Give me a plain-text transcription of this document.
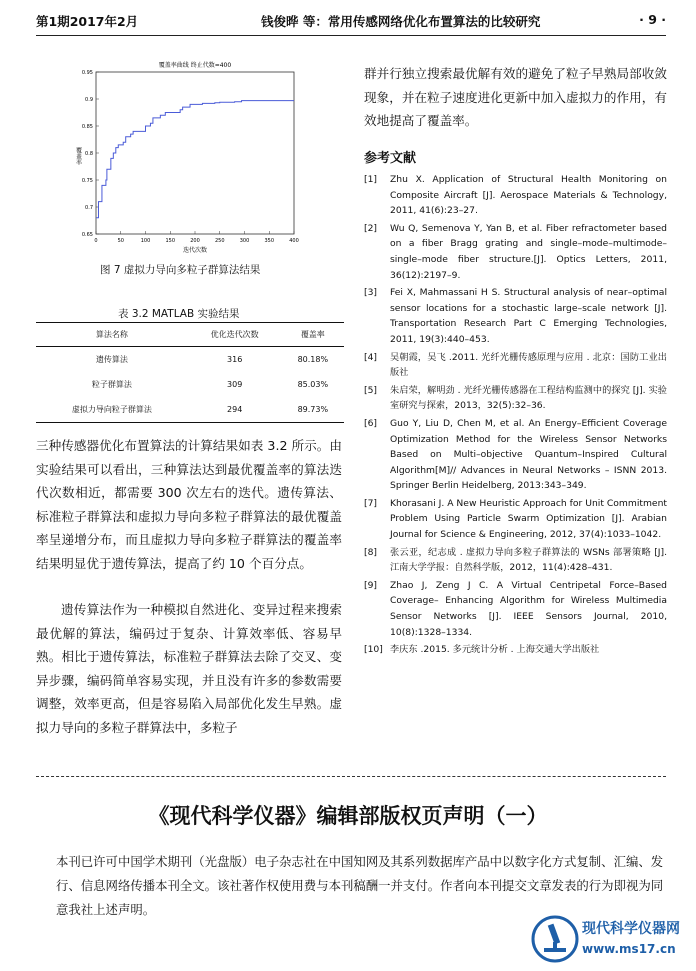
第1期2017年2月	钱俊晔 等：常用传感网络优化布置算法的比较研究	· 9 ·
覆盖率曲线 终止代数=400
0.95
0.9
0.85
0.8
0.75
0.7
0.65
0	50	100	150	200	250	300	350	400
覆盖率
迭代次数
图 7 虚拟力导向多粒子群算法结果
表 3.2 MATLAB 实验结果
算法名称	优化迭代次数	覆盖率
遗传算法	316	80.18%
粒子群算法	309	85.03%
虚拟力导向粒子群算法	294	89.73%
三种传感器优化布置算法的计算结果如表 3.2 所示。由实验结果可以看出，三种算法达到最优覆盖率的算法迭代次数相近，都需要 300 次左右的迭代。遗传算法、标准粒子群算法和虚拟力导向多粒子群算法的最优覆盖率呈递增分布，而且虚拟力导向多粒子群算法的覆盖率结果明显优于遗传算法，提高了约 10 个百分点。
遗传算法作为一种模拟自然进化、变异过程来搜索最优解的算法，编码过于复杂、计算效率低、容易早熟。相比于遗传算法，标准粒子群算法去除了交叉、变异步骤，编码简单容易实现，并且没有许多的参数需要调整，效率更高，但是容易陷入局部优化发生早熟。虚拟力导向的多粒子群算法中，多粒子
群并行独立搜索最优解有效的避免了粒子早熟局部收敛现象，并在粒子速度进化更新中加入虚拟力的作用，有效地提高了覆盖率。
参考文献
[1]	Zhu X. Application of Structural Health Monitoring on Composite Aircraft [J]. Aerospace Materials & Technology, 2011, 41(6):23–27.
[2]	Wu Q, Semenova Y, Yan B, et al. Fiber refractometer based on a fiber Bragg grating and single–mode–multimode–single–mode fiber structure.[J]. Optics Letters, 2011, 36(12):2197–9.
[3]	Fei X, Mahmassani H S. Structural analysis of near–optimal sensor locations for a stochastic large–scale network [J]. Transportation Research Part C Emerging Technologies, 2011, 19(3):440–453.
[4]	吴朝霞，吴飞 .2011. 光纤光栅传感原理与应用 . 北京：国防工业出版社
[5]	朱启荣，解明劲 . 光纤光栅传感器在工程结构监测中的探究 [J]. 实验室研究与探索，2013，32(5):32–36.
[6]	Guo Y, Liu D, Chen M, et al. An Energy–Efficient Coverage Optimization Method for the Wireless Sensor Networks Based on Multi–objective Quantum–Inspired Cultural Algorithm[M]// Advances in Neural Networks – ISNN 2013. Springer Berlin Heidelberg, 2013:343–349.
[7]	Khorasani J. A New Heuristic Approach for Unit Commitment Problem Using Particle Swarm Optimization [J]. Arabian Journal for Science & Engineering, 2012, 37(4):1033–1042.
[8]	张云亚，纪志成 . 虚拟力导向多粒子群算法的 WSNs 部署策略 [J]. 江南大学学报：自然科学版，2012，11(4):428–431.
[9]	Zhao J, Zeng J C. A Virtual Centripetal Force–Based Coverage– Enhancing Algorithm for Wireless Multimedia Sensor Networks [J]. IEEE Sensors Journal, 2010, 10(8):1328–1334.
[10] 李庆东 .2015. 多元统计分析 . 上海交通大学出版社
《现代科学仪器》编辑部版权页声明（一）
本刊已许可中国学术期刊（光盘版）电子杂志社在中国知网及其系列数据库产品中以数字化方式复制、汇编、发行、信息网络传播本刊全文。该社著作权使用费与本刊稿酬一并支付。作者向本刊提交文章发表的行为即视为同意我社上述声明。
现代科学仪器网
www.ms17.cn
